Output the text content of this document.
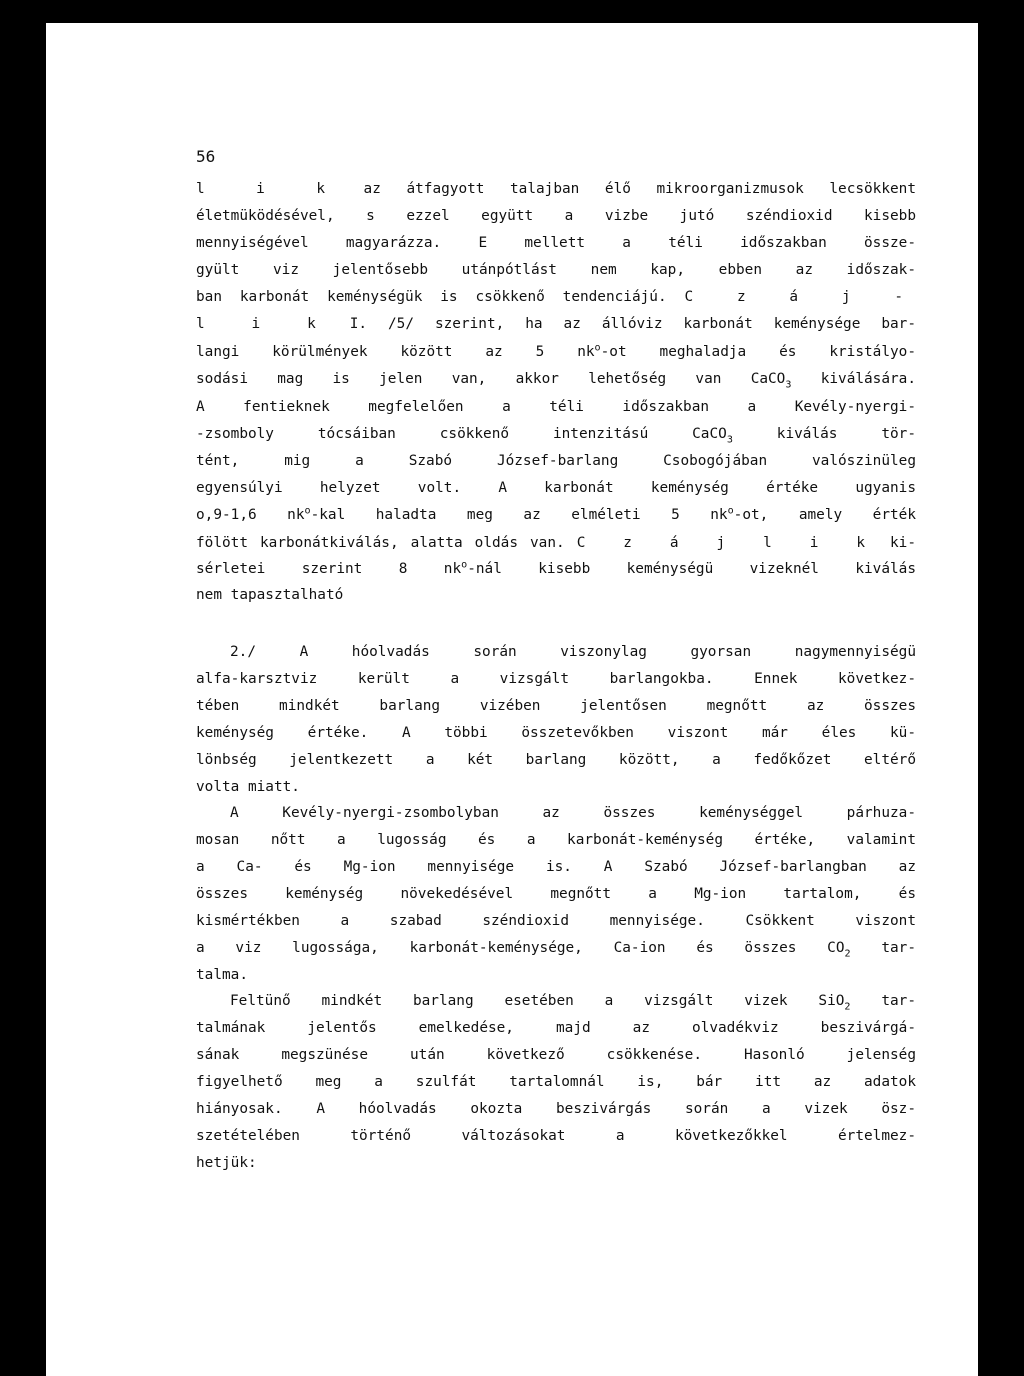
56
l i k az átfagyott talajban élő mikroorganizmusok lecsökkent
életmüködésével, s ezzel együtt a vizbe jutó széndioxid kisebb
mennyiségével magyarázza. E mellett a téli időszakban össze-
gyült viz jelentősebb utánpótlást nem kap, ebben az időszak-
ban karbonát keménységük is csökkenő tendenciájú. C z á j -
l i k I. /5/ szerint, ha az állóviz karbonát keménysége bar-
langi körülmények között az 5 $nk^o-ot$ meghaladja és kristályo-
sodási mag is jelen van, akkor lehetőség van CaCO$_3$ kiválására.
A fentieknek megfelelően a téli időszakban a Kevély-nyergi-
-zsomboly tócsáiban csökkenő intenzitású CaCO$_3$ kiválás tör-
tént, mig a Szabó József-barlang Csobogójában valószinüleg
egyensúlyi helyzet volt. A karbonát keménység értéke ugyanis
o,9-1,6 $nk^o$-kal haladta meg az elméleti 5 $nk^o-ot$, amely érték
fölött karbonátkiválás, alatta oldás van. C z á j l i k ki-
sérletei szerint 8 $nk^o$-nál kisebb keménységü vizeknél kiválás
nem tapasztalható
2./ A hóolvadás során viszonylag gyorsan nagymennyiségü
alfa-karsztviz került a vizsgált barlangokba. Ennek következ-
tében mindkét barlang vizében jelentősen megnőtt az összes
keménység értéke. A többi összetevőkben viszont már éles kü-
lönbség jelentkezett a két barlang között, a fedőkőzet eltérő
volta miatt.
A Kevély-nyergi-zsombolyban az összes keménységgel párhuza-
mosan nőtt a lugosság és a karbonát-keménység értéke, valamint
a Ca- és Mg-ion mennyisége is. A Szabó József-barlangban az
összes keménység növekedésével megnőtt a Mg-ion tartalom, és
kismértékben a szabad széndioxid mennyisége. Csökkent viszont
a viz lugossága, karbonát-keménysége, Ca-ion és összes $CO_2$ tar-
talma.
Feltünő mindkét barlang esetében a vizsgált vizek SiO$_2$ tar-
talmának jelentős emelkedése, majd az olvadékviz beszivárgá-
sának megszünése után következő csökkenése. Hasonló jelenség
figyelhető meg a szulfát tartalomnál is, bár itt az adatok
hiányosak. A hóolvadás okozta beszivárgás során a vizek ösz-
szetételében történő változásokat a következőkkel értelmez-
hetjük:
